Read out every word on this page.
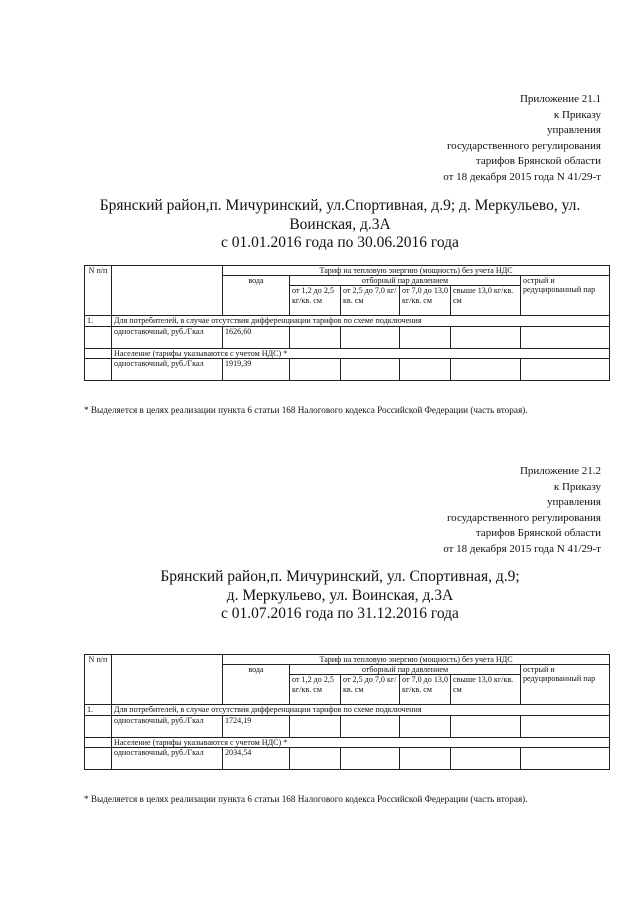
Приложение 21.1
к Приказу
управления
государственного регулирования
тарифов Брянской области
от 18 декабря 2015 года N 41/29-т
Брянский район,п. Мичуринский, ул.Спортивная, д.9; д. Меркульево, ул.
Воинская, д.3А
с 01.01.2016 года по 30.06.2016 года
N п/п		Тариф на тепловую энергию (мощность) без учета НДС					
		вода	отборный пар давлением				острый и редуцированный пар
			от 1,2 до 2,5 кг/кв. см	от 2,5 до 7,0 кг/кв. см	от 7,0 до 13,0 кг/кв. см	свыше 13,0 кг/кв. см	
1.	Для потребителей, в случае отсутствия дифференциации тарифов по схеме подключения						
	одноставочный, руб./Гкал	1626,60					
	Население (тарифы указываются с учетом НДС) *						
	одноставочный, руб./Гкал	1919,39					
* Выделяется в целях реализации пункта 6 статьи 168 Налогового кодекса Российской Федерации (часть вторая).
Приложение 21.2
к Приказу
управления
государственного регулирования
тарифов Брянской области
от 18 декабря 2015 года N 41/29-т
Брянский район,п. Мичуринский, ул. Спортивная, д.9;
д. Меркульево, ул. Воинская, д.3А
с 01.07.2016 года по 31.12.2016 года
N п/п		Тариф на тепловую энергию (мощность) без учета НДС					
		вода	отборный пар давлением				острый и редуцированный пар
			от 1,2 до 2,5 кг/кв. см	от 2,5 до 7,0 кг/кв. см	от 7,0 до 13,0 кг/кв. см	свыше 13,0 кг/кв. см	
1.	Для потребителей, в случае отсутствия дифференциации тарифов по схеме подключения						
	одноставочный, руб./Гкал	1724,19					
	Население (тарифы указываются с учетом НДС) *						
	одноставочный, руб./Гкал	2034,54					
* Выделяется в целях реализации пункта 6 статьи 168 Налогового кодекса Российской Федерации (часть вторая).
